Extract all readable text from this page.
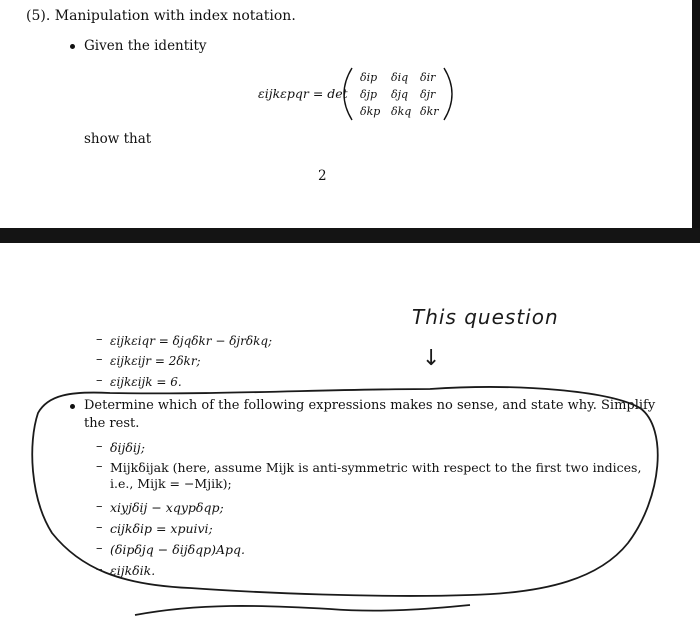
(5). Manipulation with index notation.
Given the identity
εijkεpqr = det
δip δiq δir
δjp δjq δjr
δkp δkq δkr
show that
2
– εijkεiqr = δjqδkr − δjrδkq;
– εijkεijr = 2δkr;
– εijkεijk = 6.
Determine which of the following expressions makes no sense, and state why. Simplify
the rest.
– δijδij;
– Mijkδijak (here, assume Mijk is anti-symmetric with respect to the first two indices,
i.e., Mijk = −Mjik);
– xiyjδij − xqypδqp;
– cijkδip = xpuivi;
– (δipδjq − δijδqp)Apq.
– εijkδik.
This question
↓
